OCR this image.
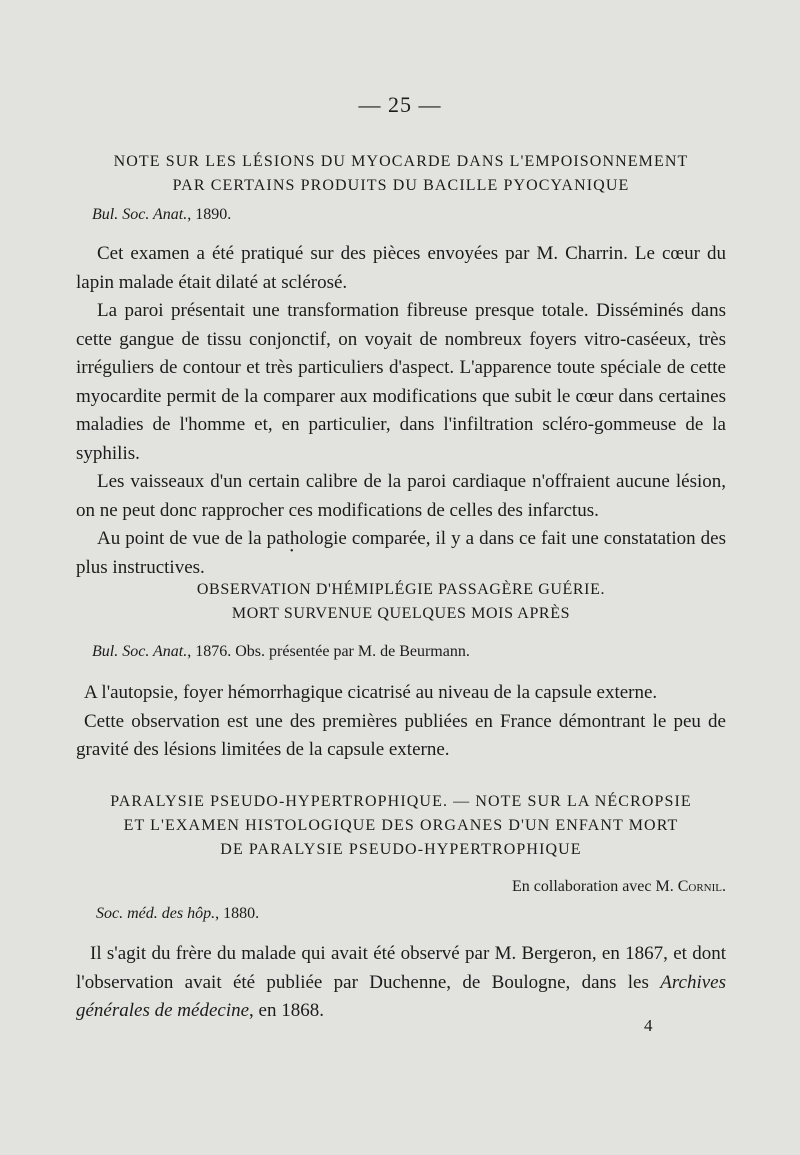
— 25 —
NOTE SUR LES LÉSIONS DU MYOCARDE DANS L'EMPOISONNEMENT

PAR CERTAINS PRODUITS DU BACILLE PYOCYANIQUE

Bul. Soc. Anat., 1890.

Cet examen a été pratiqué sur des pièces envoyées par M. Charrin. Le cœur du lapin malade était dilaté at sclérosé.

La paroi présentait une transformation fibreuse presque totale. Disséminés dans cette gangue de tissu conjonctif, on voyait de nombreux foyers vitro-caséeux, très irréguliers de contour et très particuliers d'aspect. L'apparence toute spéciale de cette myocardite permit de la comparer aux modifications que subit le cœur dans certaines maladies de l'homme et, en particulier, dans l'infiltration scléro-gommeuse de la syphilis.

Les vaisseaux d'un certain calibre de la paroi cardiaque n'offraient aucune lésion, on ne peut donc rapprocher ces modifications de celles des infarctus.

Au point de vue de la pathologie comparée, il y a dans ce fait une constatation des plus instructives.

•
OBSERVATION D'HÉMIPLÉGIE PASSAGÈRE GUÉRIE.
MORT SURVENUE QUELQUES MOIS APRÈS

Bul. Soc. Anat., 1876. Obs. présentée par M. de Beurmann.

A l'autopsie, foyer hémorrhagique cicatrisé au niveau de la capsule externe.

Cette observation est une des premières publiées en France démontrant le peu de gravité des lésions limitées de la capsule externe.

PARALYSIE PSEUDO-HYPERTROPHIQUE. — NOTE SUR LA NÉCROPSIE
ET L'EXAMEN HISTOLOGIQUE DES ORGANES D'UN ENFANT MORT

DE PARALYSIE PSEUDO-HYPERTROPHIQUE

En collaboration avec M. Cornil.

Soc. méd. des hôp., 1880.

Il s'agit du frère du malade qui avait été observé par M. Bergeron, en 1867, et dont l'observation avait été publiée par Duchenne, de Boulogne, dans les Archives générales de médecine, en 1868.

4
